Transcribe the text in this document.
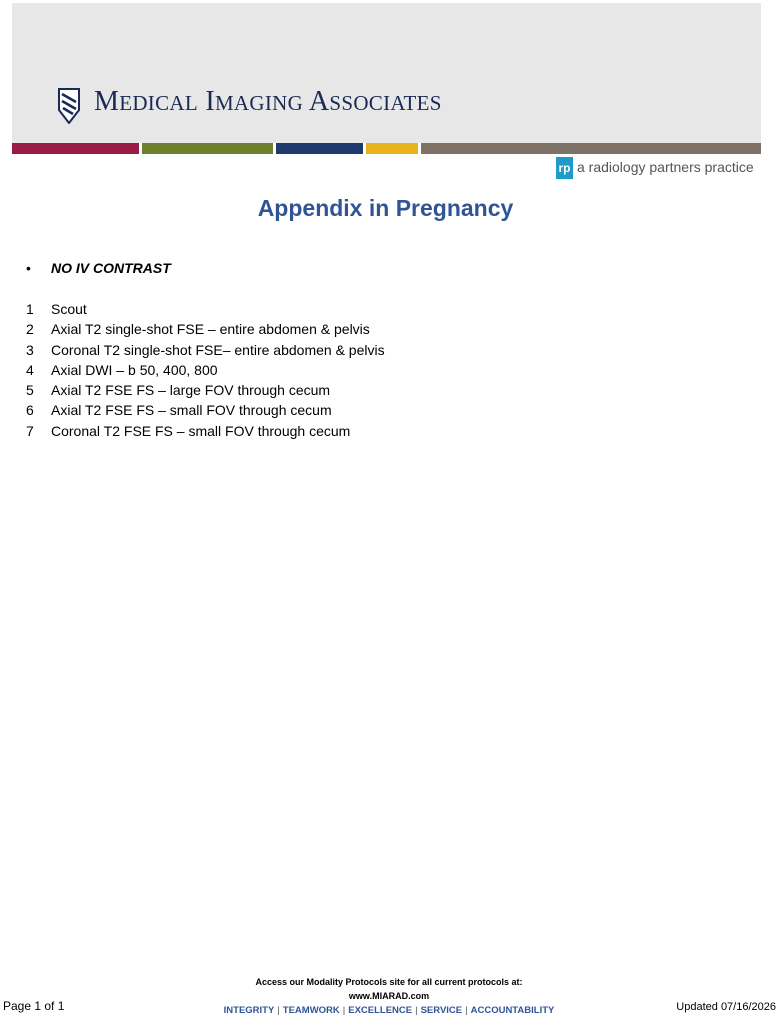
MEDICAL IMAGING ASSOCIATES
rp a radiology partners practice
Appendix in Pregnancy
• NO IV CONTRAST
1 Scout
2 Axial T2 single-shot FSE – entire abdomen & pelvis
3 Coronal T2 single-shot FSE– entire abdomen & pelvis
4 Axial DWI – b 50, 400, 800
5 Axial T2 FSE FS – large FOV through cecum
6 Axial T2 FSE FS – small FOV through cecum
7 Coronal T2 FSE FS – small FOV through cecum
Access our Modality Protocols site for all current protocols at:
www.MIARAD.com
INTEGRITY | TEAMWORK | EXCELLENCE | SERVICE | ACCOUNTABILITY
Page 1 of 1	Updated 07/16/2026
